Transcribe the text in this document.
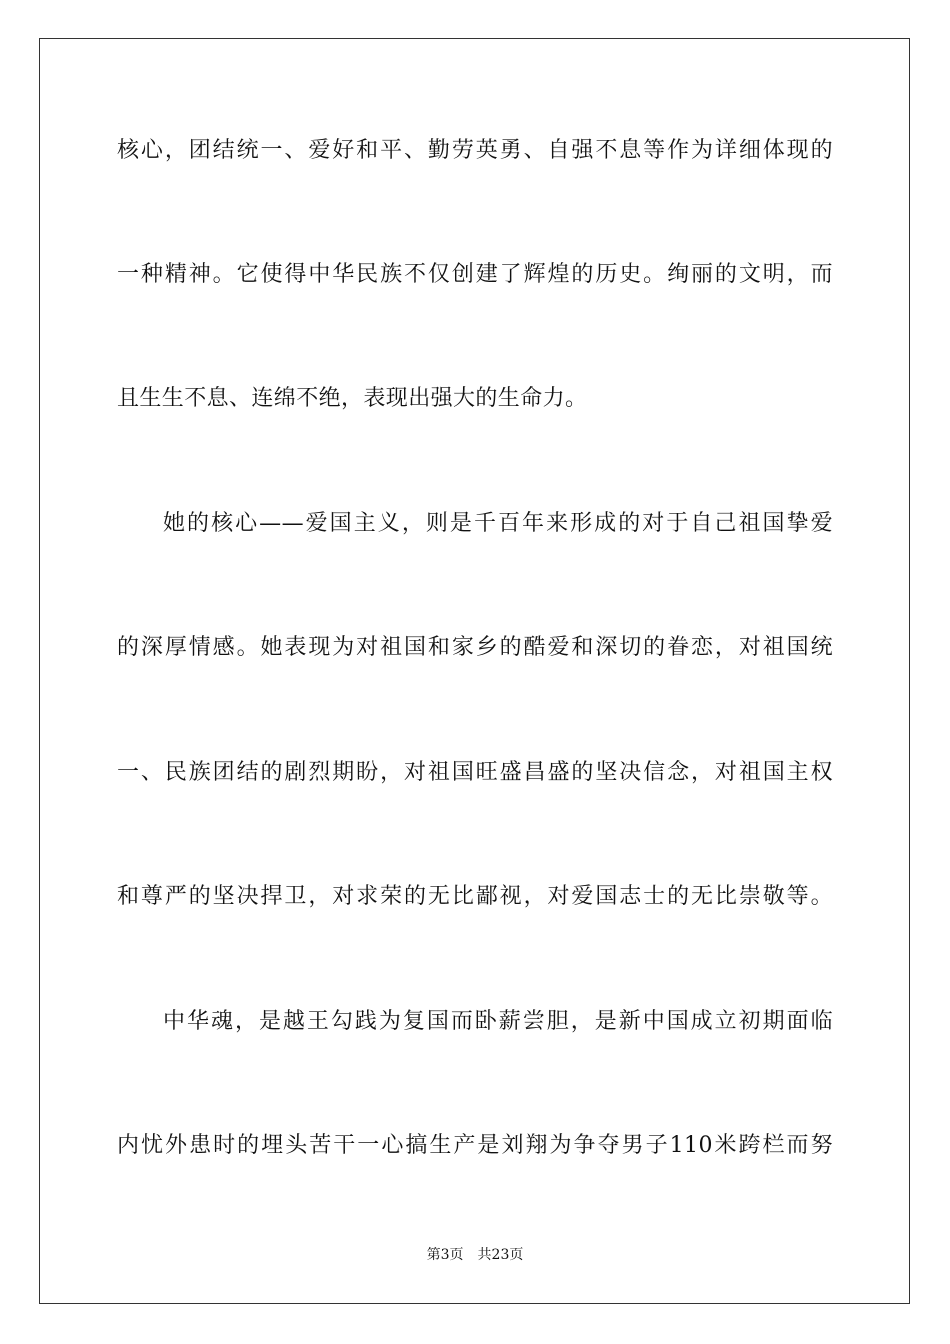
核心，团结统一、爱好和平、勤劳英勇、自强不息等作为详细体现的
一种精神。它使得中华民族不仅创建了辉煌的历史。绚丽的文明，而
且生生不息、连绵不绝，表现出强大的生命力。
她的核心——爱国主义，则是千百年来形成的对于自己祖国挚爱
的深厚情感。她表现为对祖国和家乡的酷爱和深切的眷恋，对祖国统
一、民族团结的剧烈期盼，对祖国旺盛昌盛的坚决信念，对祖国主权
和尊严的坚决捍卫，对求荣的无比鄙视，对爱国志士的无比崇敬等。
中华魂，是越王勾践为复国而卧薪尝胆，是新中国成立初期面临
内忧外患时的埋头苦干一心搞生产是刘翔为争夺男子110米跨栏而努
第3页 共23页
